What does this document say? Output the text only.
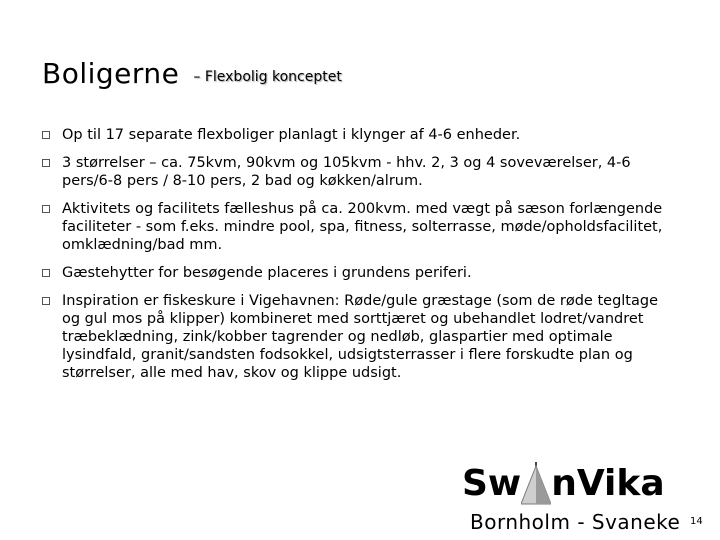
Boligerne – Flexbolig konceptet
Op til 17 separate flexboliger planlagt i klynger af 4-6 enheder.
3 størrelser – ca. 75kvm, 90kvm og 105kvm - hhv. 2, 3 og 4 soveværelser, 4-6 pers/6-8 pers / 8-10 pers, 2 bad og køkken/alrum.
Aktivitets og facilitets fælleshus på ca. 200kvm. med vægt på sæson forlængende faciliteter - som f.eks. mindre pool, spa, fitness, solterrasse, møde/opholdsfacilitet, omklædning/bad mm.
Gæstehytter for besøgende placeres i grundens periferi.
Inspiration er fiskeskure i Vigehavnen: Røde/gule græstage (som de røde tegltage og gul mos på klipper) kombineret med sorttjæret og ubehandlet lodret/vandret træbeklædning, zink/kobber tagrender og nedløb, glaspartier med optimale lysindfald, granit/sandsten fodsokkel, udsigtsterrasser i flere forskudte plan og størrelser, alle med hav, skov og klippe udsigt.
Sw nVika
Bornholm - Svaneke 14
